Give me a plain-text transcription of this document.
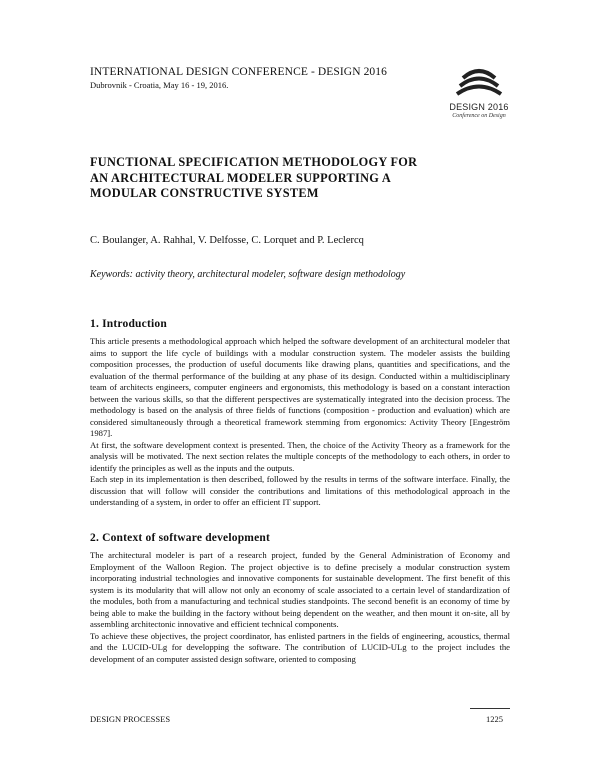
INTERNATIONAL DESIGN CONFERENCE - DESIGN 2016
Dubrovnik - Croatia, May 16 - 19, 2016.
DESIGN 2016
Conference on Design
FUNCTIONAL SPECIFICATION METHODOLOGY FOR AN ARCHITECTURAL MODELER SUPPORTING A MODULAR CONSTRUCTIVE SYSTEM
C. Boulanger, A. Rahhal, V. Delfosse, C. Lorquet and P. Leclercq
Keywords: activity theory, architectural modeler, software design methodology
1. Introduction

This article presents a methodological approach which helped the software development of an architectural modeler that aims to support the life cycle of buildings with a modular construction system. The modeler assists the building composition processes, the production of useful documents like drawing plans, quantities and specifications, and the evaluation of the thermal performance of the building at any phase of its design. Conducted within a multidisciplinary team of architects engineers, computer engineers and ergonomists, this methodology is based on a constant interaction between the various skills, so that the different perspectives are systematically integrated into the decision process. The methodology is based on the analysis of three fields of functions (composition - production and evaluation) which are considered simultaneously through a theoretical framework stemming from ergonomics: Activity Theory [Engeström 1987].

At first, the software development context is presented. Then, the choice of the Activity Theory as a framework for the analysis will be motivated. The next section relates the multiple concepts of the methodology to each others, in order to identify the principles as well as the inputs and the outputs.

Each step in its implementation is then described, followed by the results in terms of the software interface. Finally, the discussion that will follow will consider the contributions and limitations of this methodological approach in the understanding of a system, in order to offer an efficient IT support.

2. Context of software development

The architectural modeler is part of a research project, funded by the General Administration of Economy and Employment of the Walloon Region. The project objective is to define precisely a modular construction system incorporating industrial technologies and innovative components for sustainable development. The first benefit of this system is its modularity that will allow not only an economy of scale associated to a certain level of standardization of the modules, both from a manufacturing and technical studies standpoints. The second benefit is an economy of time by being able to make the building in the factory without being dependent on the weather, and then mount it on-site, all by assembling architectonic innovative and efficient technical components.

To achieve these objectives, the project coordinator, has enlisted partners in the fields of engineering, acoustics, thermal and the LUCID-ULg for developping the software. The contribution of LUCID-ULg to the project includes the development of an computer assisted design software, oriented to composing

DESIGN PROCESSES	1225
